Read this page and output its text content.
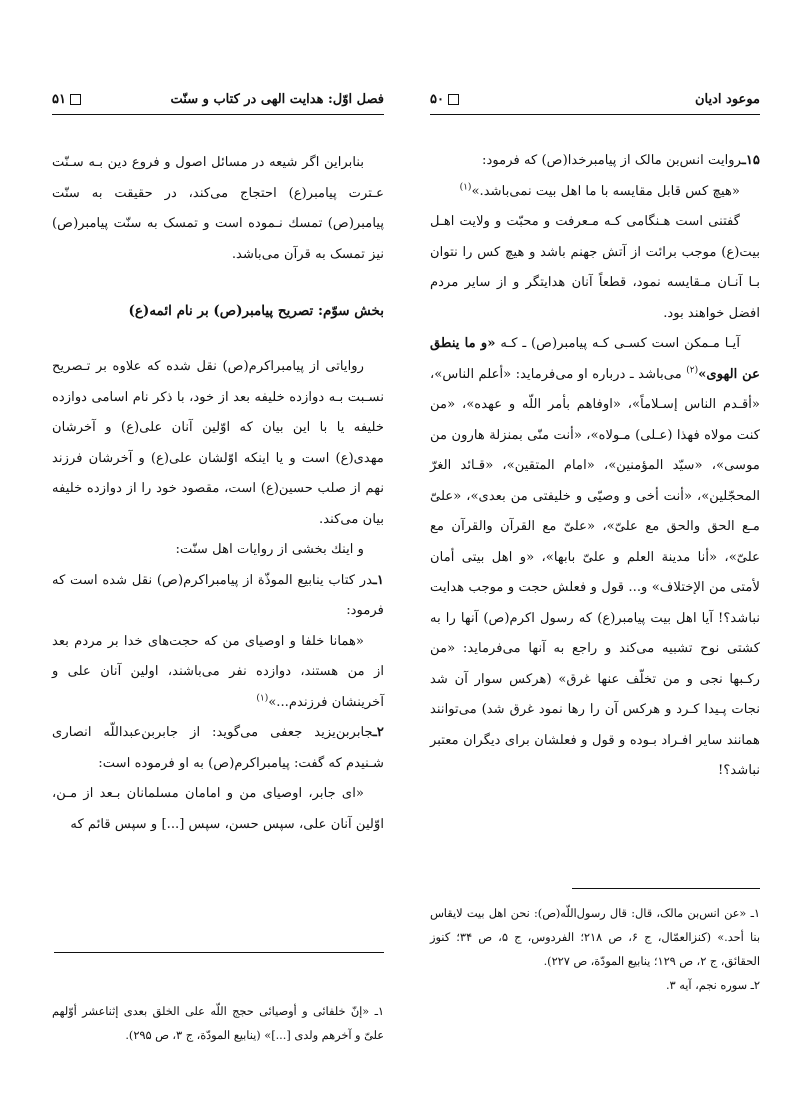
فصل اوّل: هدايت الهى در كتاب و سنّت
۵۱

بنابراين اگر شيعه در مسائل اصول و فروع دين بـه سـنّت عـترت پيامبر(ع) احتجاج مى‌كند، در حقيقت به سنّت پيامبر(ص) تمسك نـموده است و تمسک به سنّت پيامبر(ص) نيز تمسک به قرآن مى‌باشد.

بخش سوّم: تصريح پيامبر(ص) بر نام ائمه(ع)

رواياتى از پيامبراكرم(ص) نقل شده كه علاوه بر تـصريح نسـبت بـه دوازده خليفه بعد از خود، با ذكر نام اسامى دوازده خليفه يا با اين بيان كه اوّلين آنان على(ع) و آخرشان مهدى(ع) است و يا اينكه اوّلشان على(ع) و آخرشان فرزند نهم از صلب حسين(ع) است، مقصود خود را از دوازده خليفه بيان مى‌كند.

و اينك بخشى از روايات اهل سنّت:

۱ـدر كتاب ينابيع الموذّة از پيامبراكرم(ص) نقل شده است كه فرمود:

«همانا خلفا و اوصياى من كه حجت‌هاى خدا بر مردم بعد از من هستند، دوازده نفر مى‌باشند، اولين آنان على و آخرينشان فرزندم...»$^{(۱)}$

۲ـجابربن‌يزيد جعفى مى‌گويد: از جابربن‌عبداللّه انصارى شـنيدم كه گفت: پيامبراكرم(ص) به او فرموده است:

«اى جابر، اوصياى من و امامان مسلمانان بـعد از مـن، اوّلين آنان على، سپس حسن، سپس [...] و سپس قائم كه

۱ـ «إنّ خلفائى و أوصيائى حجج اللّه على الخلق بعدى إثناعشر أوّلهم علىّ و آخرهم ولدى [...]» (ينابيع المودّة، ج ۳، ص ۲۹۵).

موعود اديان
۵۰

۱۵ـروايت انس‌بن مالک از پيامبرخدا(ص) كه فرمود:

«هيچ كس قابل مقايسه با ما اهل بيت نمى‌باشد.»$^{(۱)}$

گفتنى است هـنگامى كـه مـعرفت و محبّت و ولايت اهـل بيت(ع) موجب برائت از آتش جهنم باشد و هيچ كس را نتوان بـا آنـان مـقايسه نمود، قطعاً آنان هدايتگر و از ساير مردم افضل خواهند بود.

آيـا مـمكن است كسـى كـه پيامبر(ص) ـ كـه «و ما ينطق عن الهوى»$^{(۲)}$ مى‌باشد ـ درباره او مى‌فرمايد: «أعلم الناس»، «أقـدم الناس إسـلاماً»، «اوفاهم بأمر اللّه و عهده»، «من كنت مولاه فهذا (عـلى) مـولاه»، «أنت منّى بمنزلة هارون من موسى»، «سيّد المؤمنين»، «امام المتقين»، «قـائد الغرّ المحجّلين»، «أنت أخى و وصيّى و خليفتى من بعدى»، «علىّ مـع الحق والحق مع علىّ»، «علىّ مع القرآن والقرآن مع علىّ»، «أنا مدينة العلم و علىّ بابها»، «و اهل بيتى أمان لأمتى من الإختلاف» و... قول و فعلش حجت و موجب هدايت نباشد؟! آيا اهل بيت پيامبر(ع) كه رسول اكرم(ص) آنها را به كشتى نوح تشبيه مى‌كند و راجع به آنها مى‌فرمايد: «من ركـبها نجى و من تخلّف عنها غرق» (هركس سوار آن شد نجات پـيدا كـرد و هركس آن را رها نمود غرق شد) مى‌توانند همانند ساير افـراد بـوده و قول و فعلشان براى ديگران معتبر نباشد؟!

۱ـ «عن انس‌بن مالک، قال: قال رسول‌اللّه(ص): نحن اهل بيت لايقاس بنا أحد.» (كنزالعمّال، ج ۶، ص ۲۱۸؛ الفردوس، ج ۵، ص ۳۴؛ كنوز الحقائق، ج ۲، ص ۱۲۹؛ ينابيع المودّة، ص ۲۲۷).

۲ـ سوره نجم، آيه ۳.
